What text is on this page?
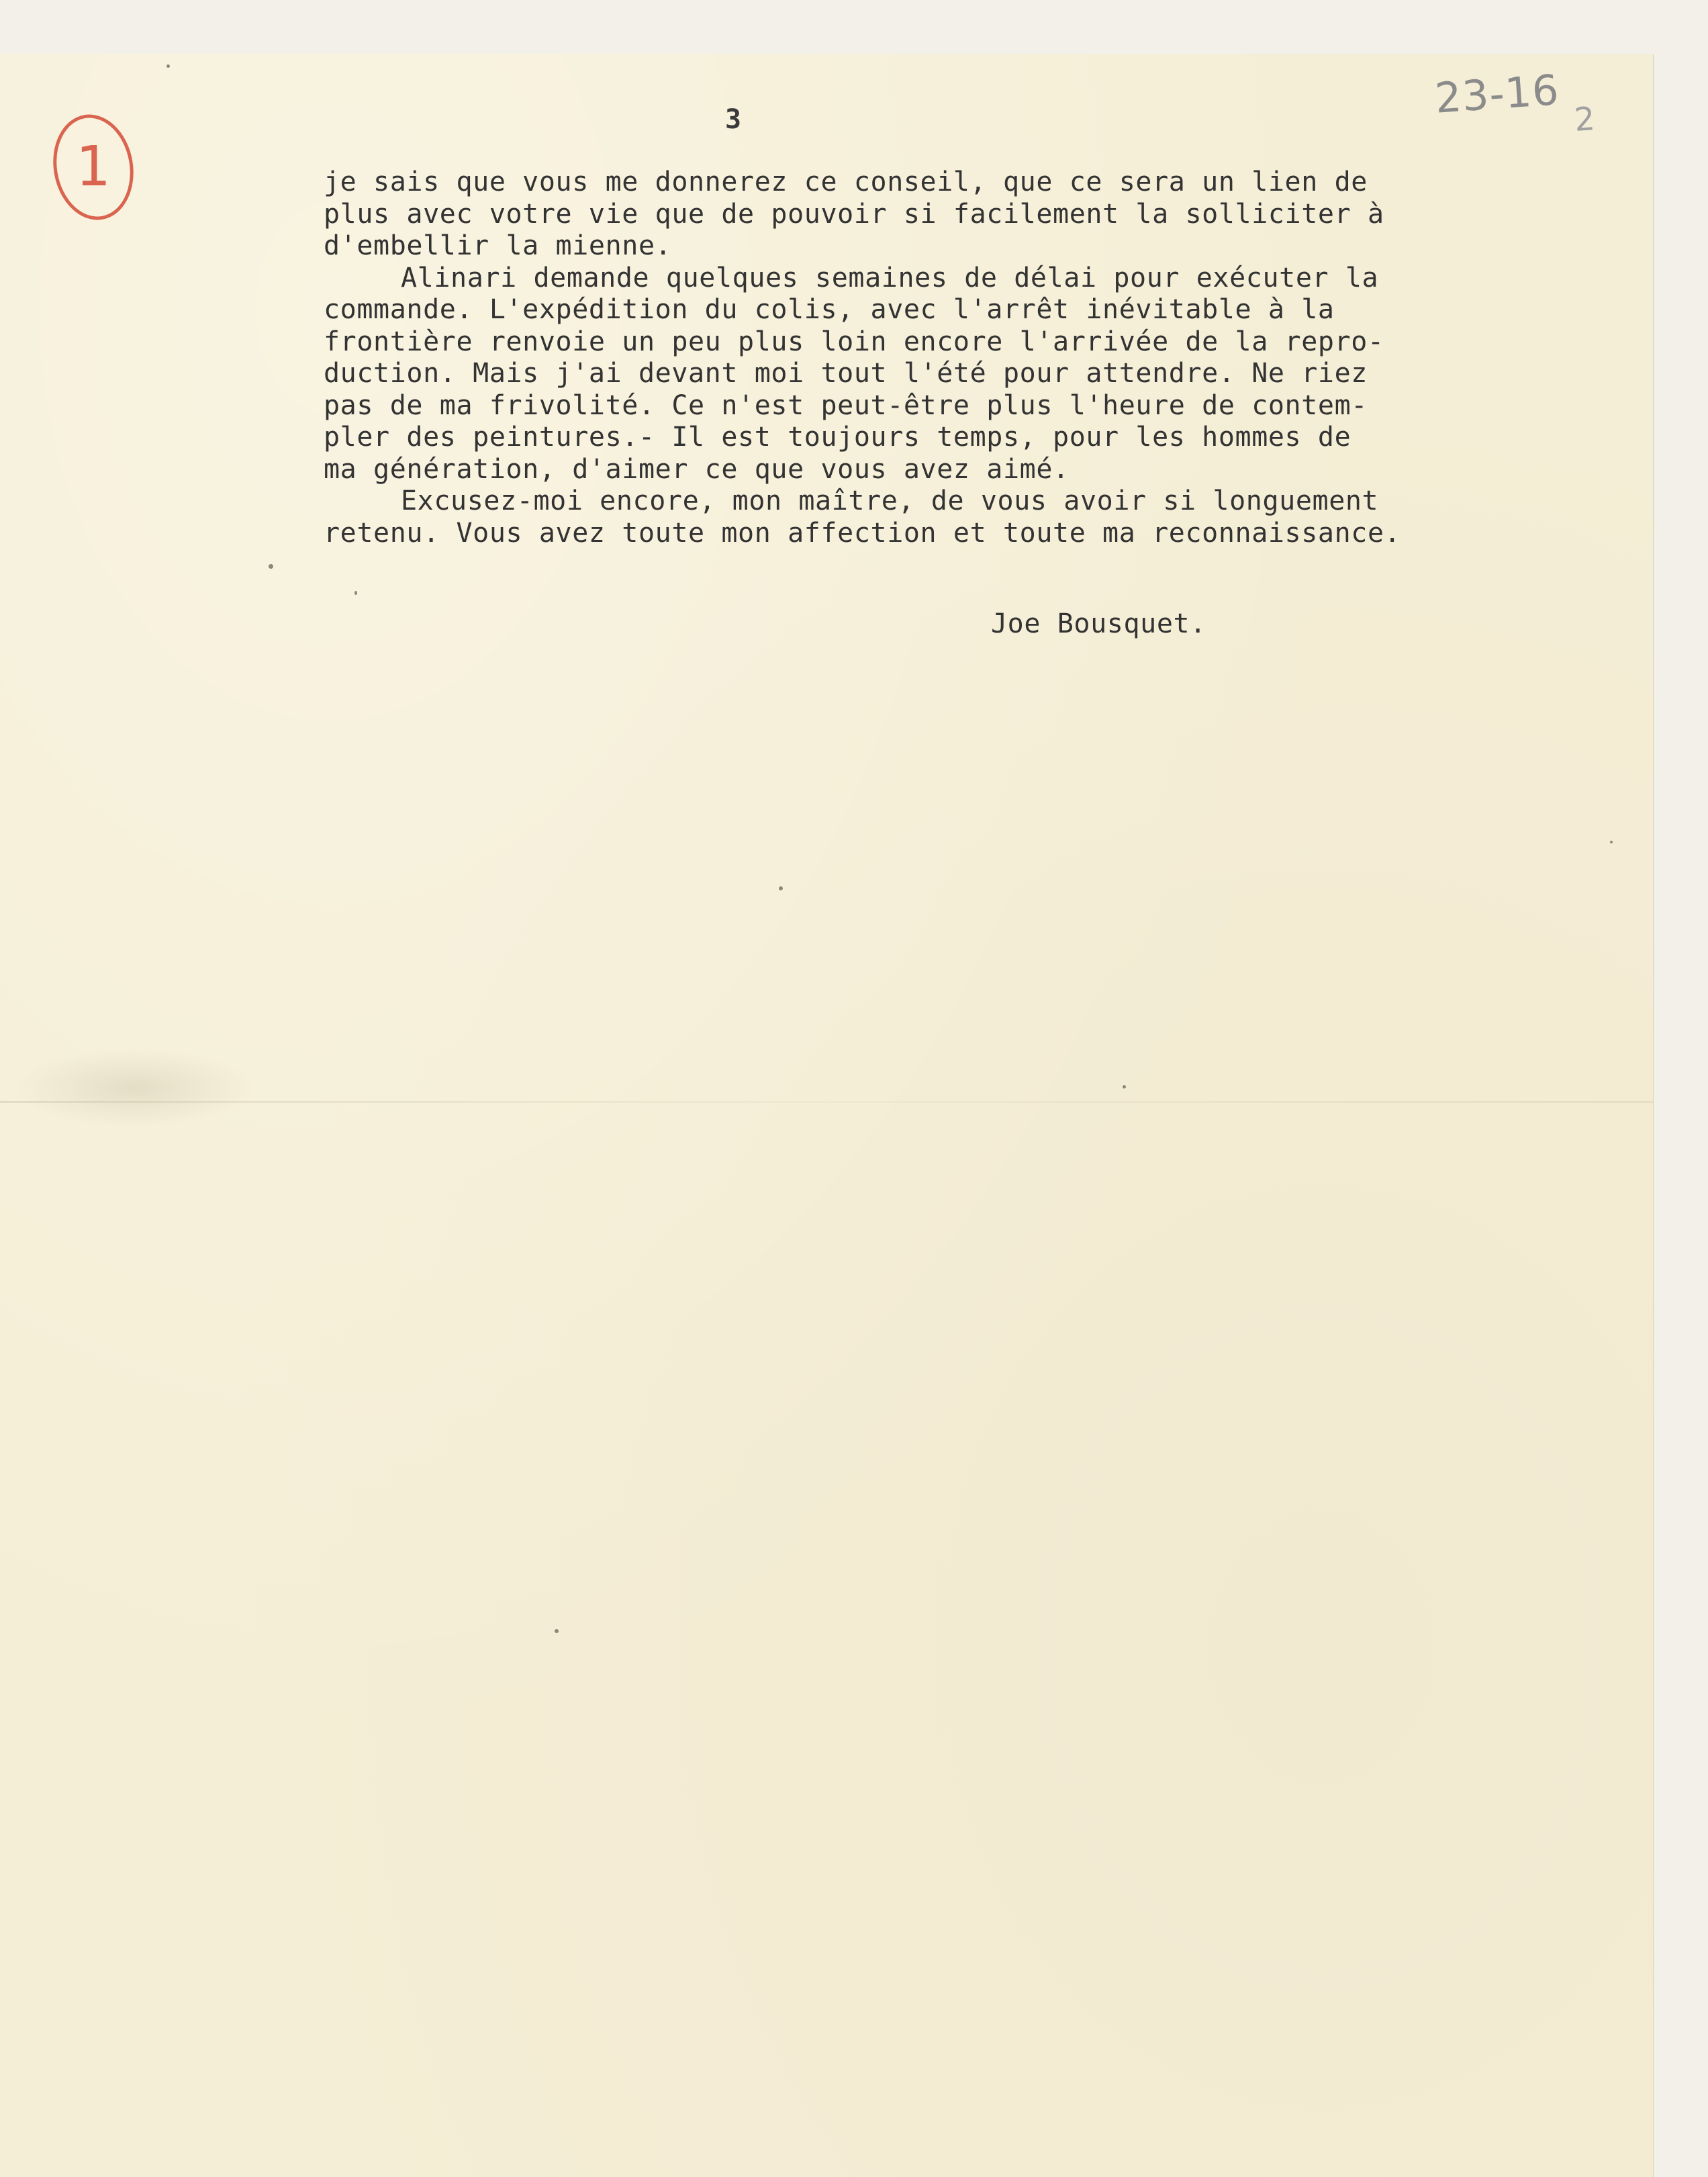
1
3	23-16 2
je sais que vous me donnerez ce conseil, que ce sera un lien de
plus avec votre vie que de pouvoir si facilement la solliciter à
d'embellir la mienne.
Alinari demande quelques semaines de délai pour exécuter la
commande. L'expédition du colis, avec l'arrêt inévitable à la
frontière renvoie un peu plus loin encore l'arrivée de la repro-
duction. Mais j'ai devant moi tout l'été pour attendre. Ne riez
pas de ma frivolité. Ce n'est peut-être plus l'heure de contem-
pler des peintures.- Il est toujours temps, pour les hommes de
ma génération, d'aimer ce que vous avez aimé.
Excusez-moi encore, mon maître, de vous avoir si longuement
retenu. Vous avez toute mon affection et toute ma reconnaissance.
Joe Bousquet.
